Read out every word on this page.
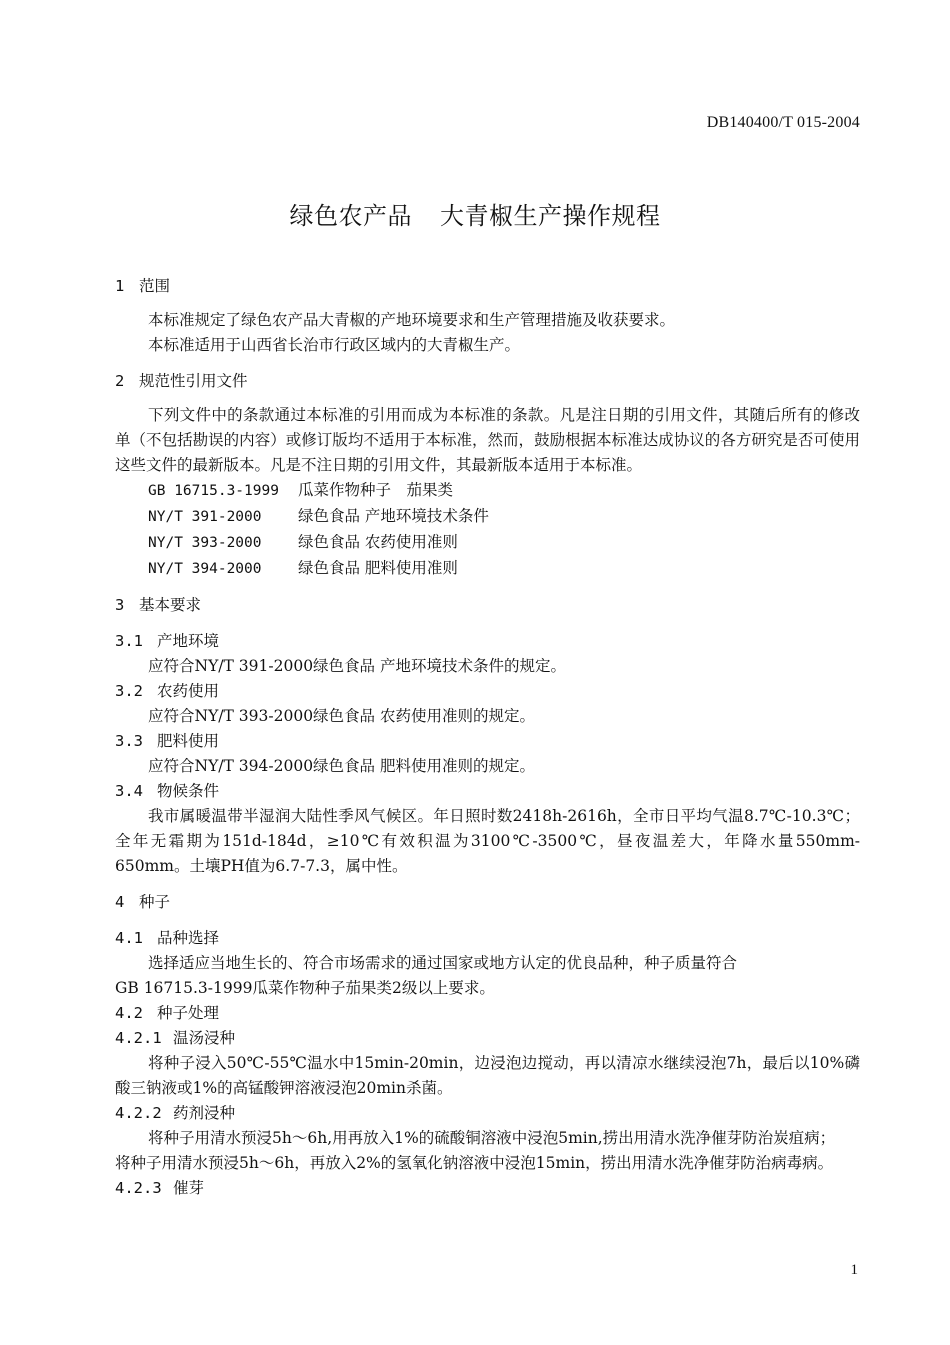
DB140400/T 015-2004
绿色农产品 大青椒生产操作规程
1 范围
本标准规定了绿色农产品大青椒的产地环境要求和生产管理措施及收获要求。
本标准适用于山西省长治市行政区域内的大青椒生产。
2 规范性引用文件
下列文件中的条款通过本标准的引用而成为本标准的条款。凡是注日期的引用文件，其随后所有的修改单（不包括勘误的内容）或修订版均不适用于本标准，然而，鼓励根据本标准达成协议的各方研究是否可使用这些文件的最新版本。凡是不注日期的引用文件，其最新版本适用于本标准。
GB 16715.3-1999 瓜菜作物种子　茄果类
NY/T 391-2000 绿色食品 产地环境技术条件
NY/T 393-2000 绿色食品 农药使用准则
NY/T 394-2000 绿色食品 肥料使用准则
3 基本要求
3.1 产地环境
应符合NY/T 391-2000绿色食品 产地环境技术条件的规定。
3.2 农药使用
应符合NY/T 393-2000绿色食品 农药使用准则的规定。
3.3 肥料使用
应符合NY/T 394-2000绿色食品 肥料使用准则的规定。
3.4 物候条件
我市属暖温带半湿润大陆性季风气候区。年日照时数2418h-2616h，全市日平均气温8.7℃-10.3℃；全年无霜期为151d-184d，≥10℃有效积温为3100℃-3500℃，昼夜温差大，年降水量550mm-650mm。土壤PH值为6.7-7.3，属中性。
4 种子
4.1 品种选择
选择适应当地生长的、符合市场需求的通过国家或地方认定的优良品种，种子质量符合
GB 16715.3-1999瓜菜作物种子茄果类2级以上要求。
4.2 种子处理
4.2.1 温汤浸种
将种子浸入50℃-55℃温水中15min-20min，边浸泡边搅动，再以清凉水继续浸泡7h，最后以10%磷酸三钠液或1%的高锰酸钾溶液浸泡20min杀菌。
4.2.2 药剂浸种
将种子用清水预浸5h～6h,用再放入1%的硫酸铜溶液中浸泡5min,捞出用清水洗净催芽防治炭疽病；
将种子用清水预浸5h～6h，再放入2%的氢氧化钠溶液中浸泡15min，捞出用清水洗净催芽防治病毒病。
4.2.3 催芽
1
